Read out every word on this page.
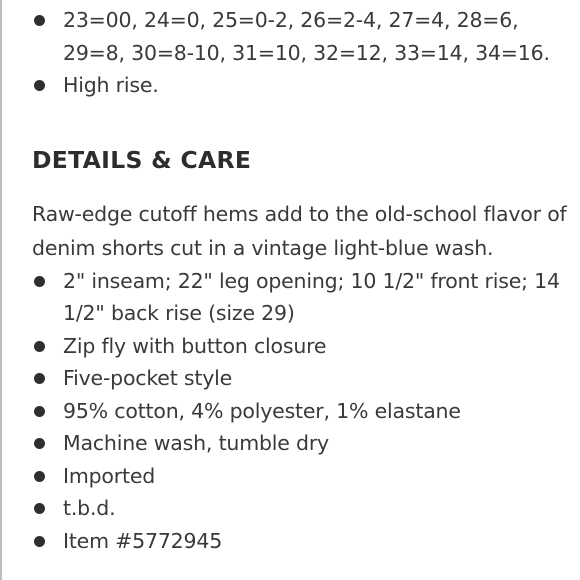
23=00, 24=0, 25=0-2, 26=2-4, 27=4, 28=6, 29=8, 30=8-10, 31=10, 32=12, 33=14, 34=16.
High rise.
DETAILS & CARE

Raw-edge cutoff hems add to the old-school flavor of denim shorts cut in a vintage light-blue wash.

2" inseam; 22" leg opening; 10 1/2" front rise; 14 1/2" back rise (size 29)
Zip fly with button closure
Five-pocket style
95% cotton, 4% polyester, 1% elastane
Machine wash, tumble dry
Imported
t.b.d.
Item #5772945
